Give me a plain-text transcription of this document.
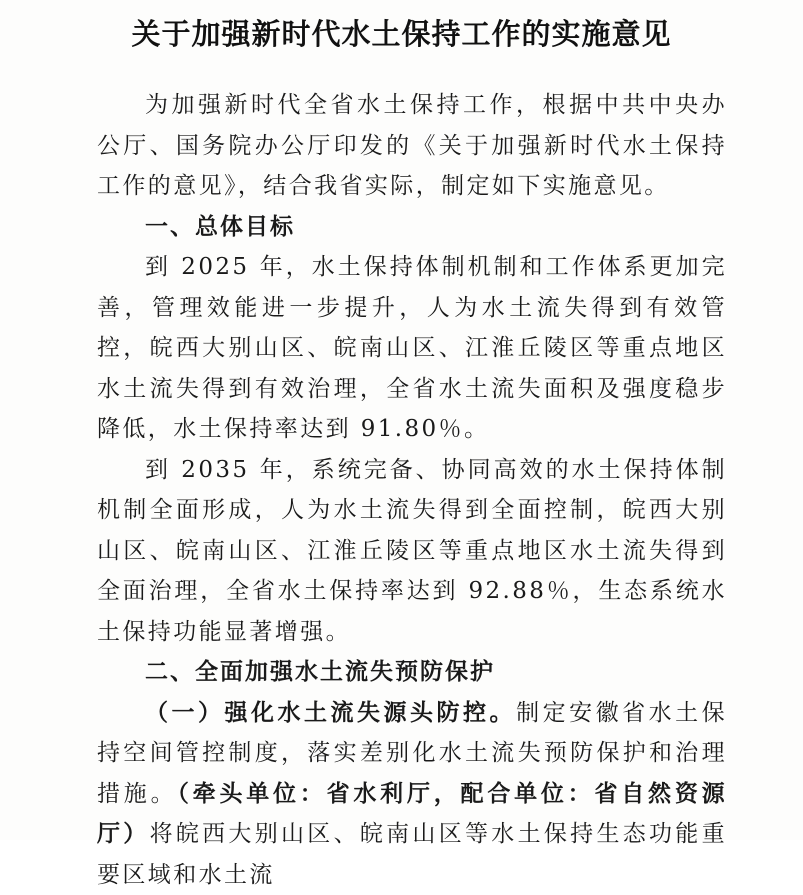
关于加强新时代水土保持工作的实施意见

为加强新时代全省水土保持工作，根据中共中央办公厅、国务院办公厅印发的《关于加强新时代水土保持工作的意见》，结合我省实际，制定如下实施意见。

一、总体目标

到 2025 年，水土保持体制机制和工作体系更加完善，管理效能进一步提升，人为水土流失得到有效管控，皖西大别山区、皖南山区、江淮丘陵区等重点地区水土流失得到有效治理，全省水土流失面积及强度稳步降低，水土保持率达到 91.80％。

到 2035 年，系统完备、协同高效的水土保持体制机制全面形成，人为水土流失得到全面控制，皖西大别山区、皖南山区、江淮丘陵区等重点地区水土流失得到全面治理，全省水土保持率达到 92.88％，生态系统水土保持功能显著增强。

二、全面加强水土流失预防保护

（一）强化水土流失源头防控。制定安徽省水土保持空间管控制度，落实差别化水土流失预防保护和治理措施。（牵头单位：省水利厅，配合单位：省自然资源厅）将皖西大别山区、皖南山区等水土保持生态功能重要区域和水土流
